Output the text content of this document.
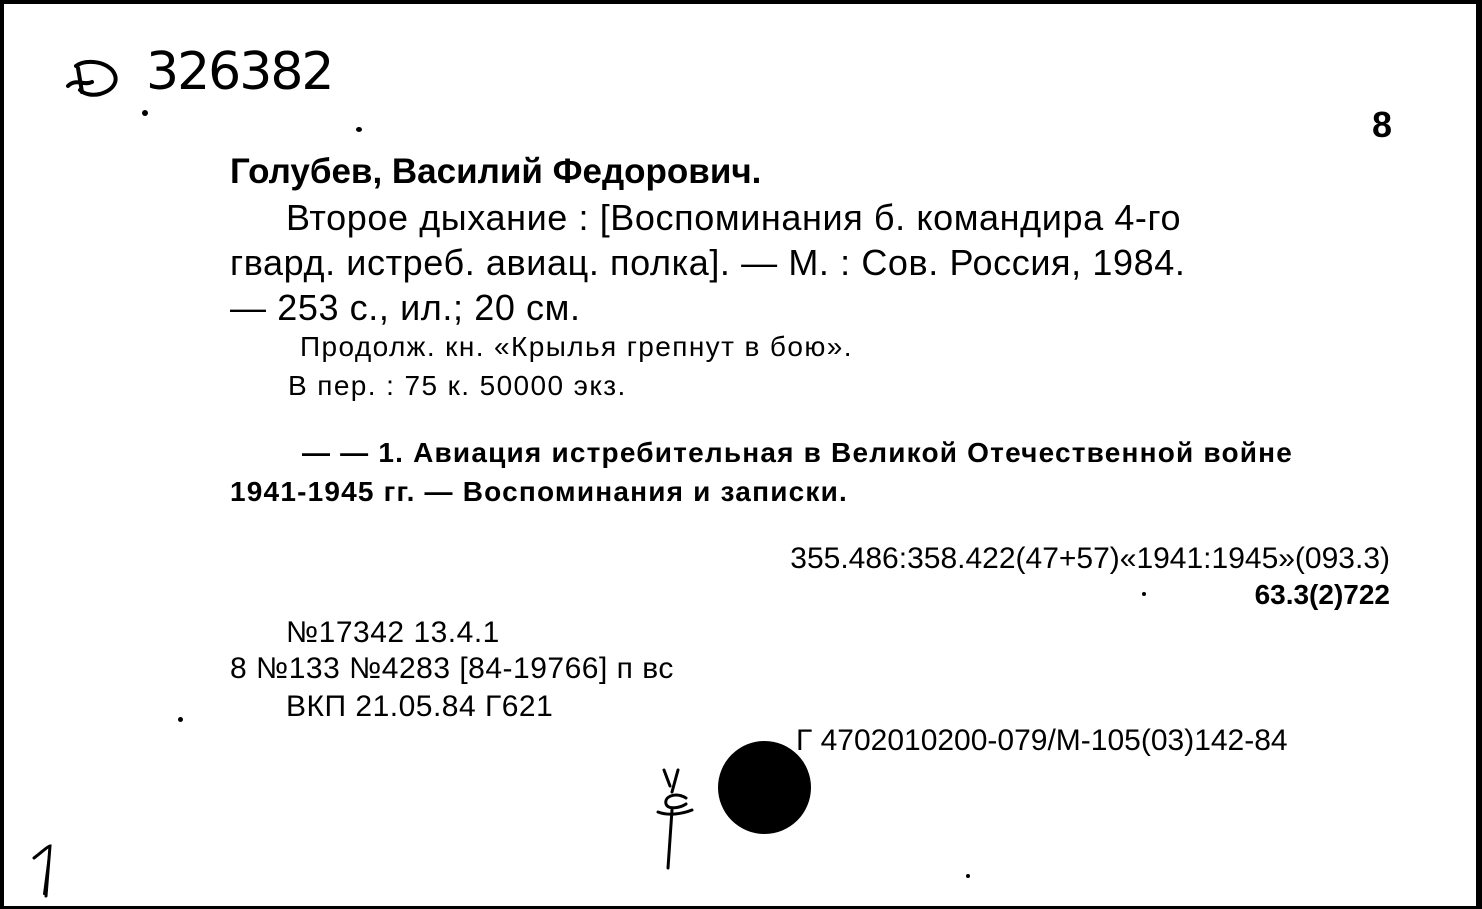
326382
8
Голубев, Василий Федорович.
Второе дыхание : [Воспоминания б. командира 4-го
гвард. истреб. авиац. полка]. — М. : Сов. Россия, 1984.
— 253 с., ил.; 20 см.
Продолж. кн. «Крылья грепнут в бою».
В пер. : 75 к. 50000 экз.
— — 1. Авиация истребительная в Великой Отечественной войне
1941-1945 гг. — Воспоминания и записки.
355.486:358.422(47+57)«1941:1945»(093.3)
63.3(2)722
№17342 13.4.1
8 №133 №4283 [84-19766] п вс
ВКП 21.05.84 Г621
Г 4702010200-079/М-105(03)142-84
